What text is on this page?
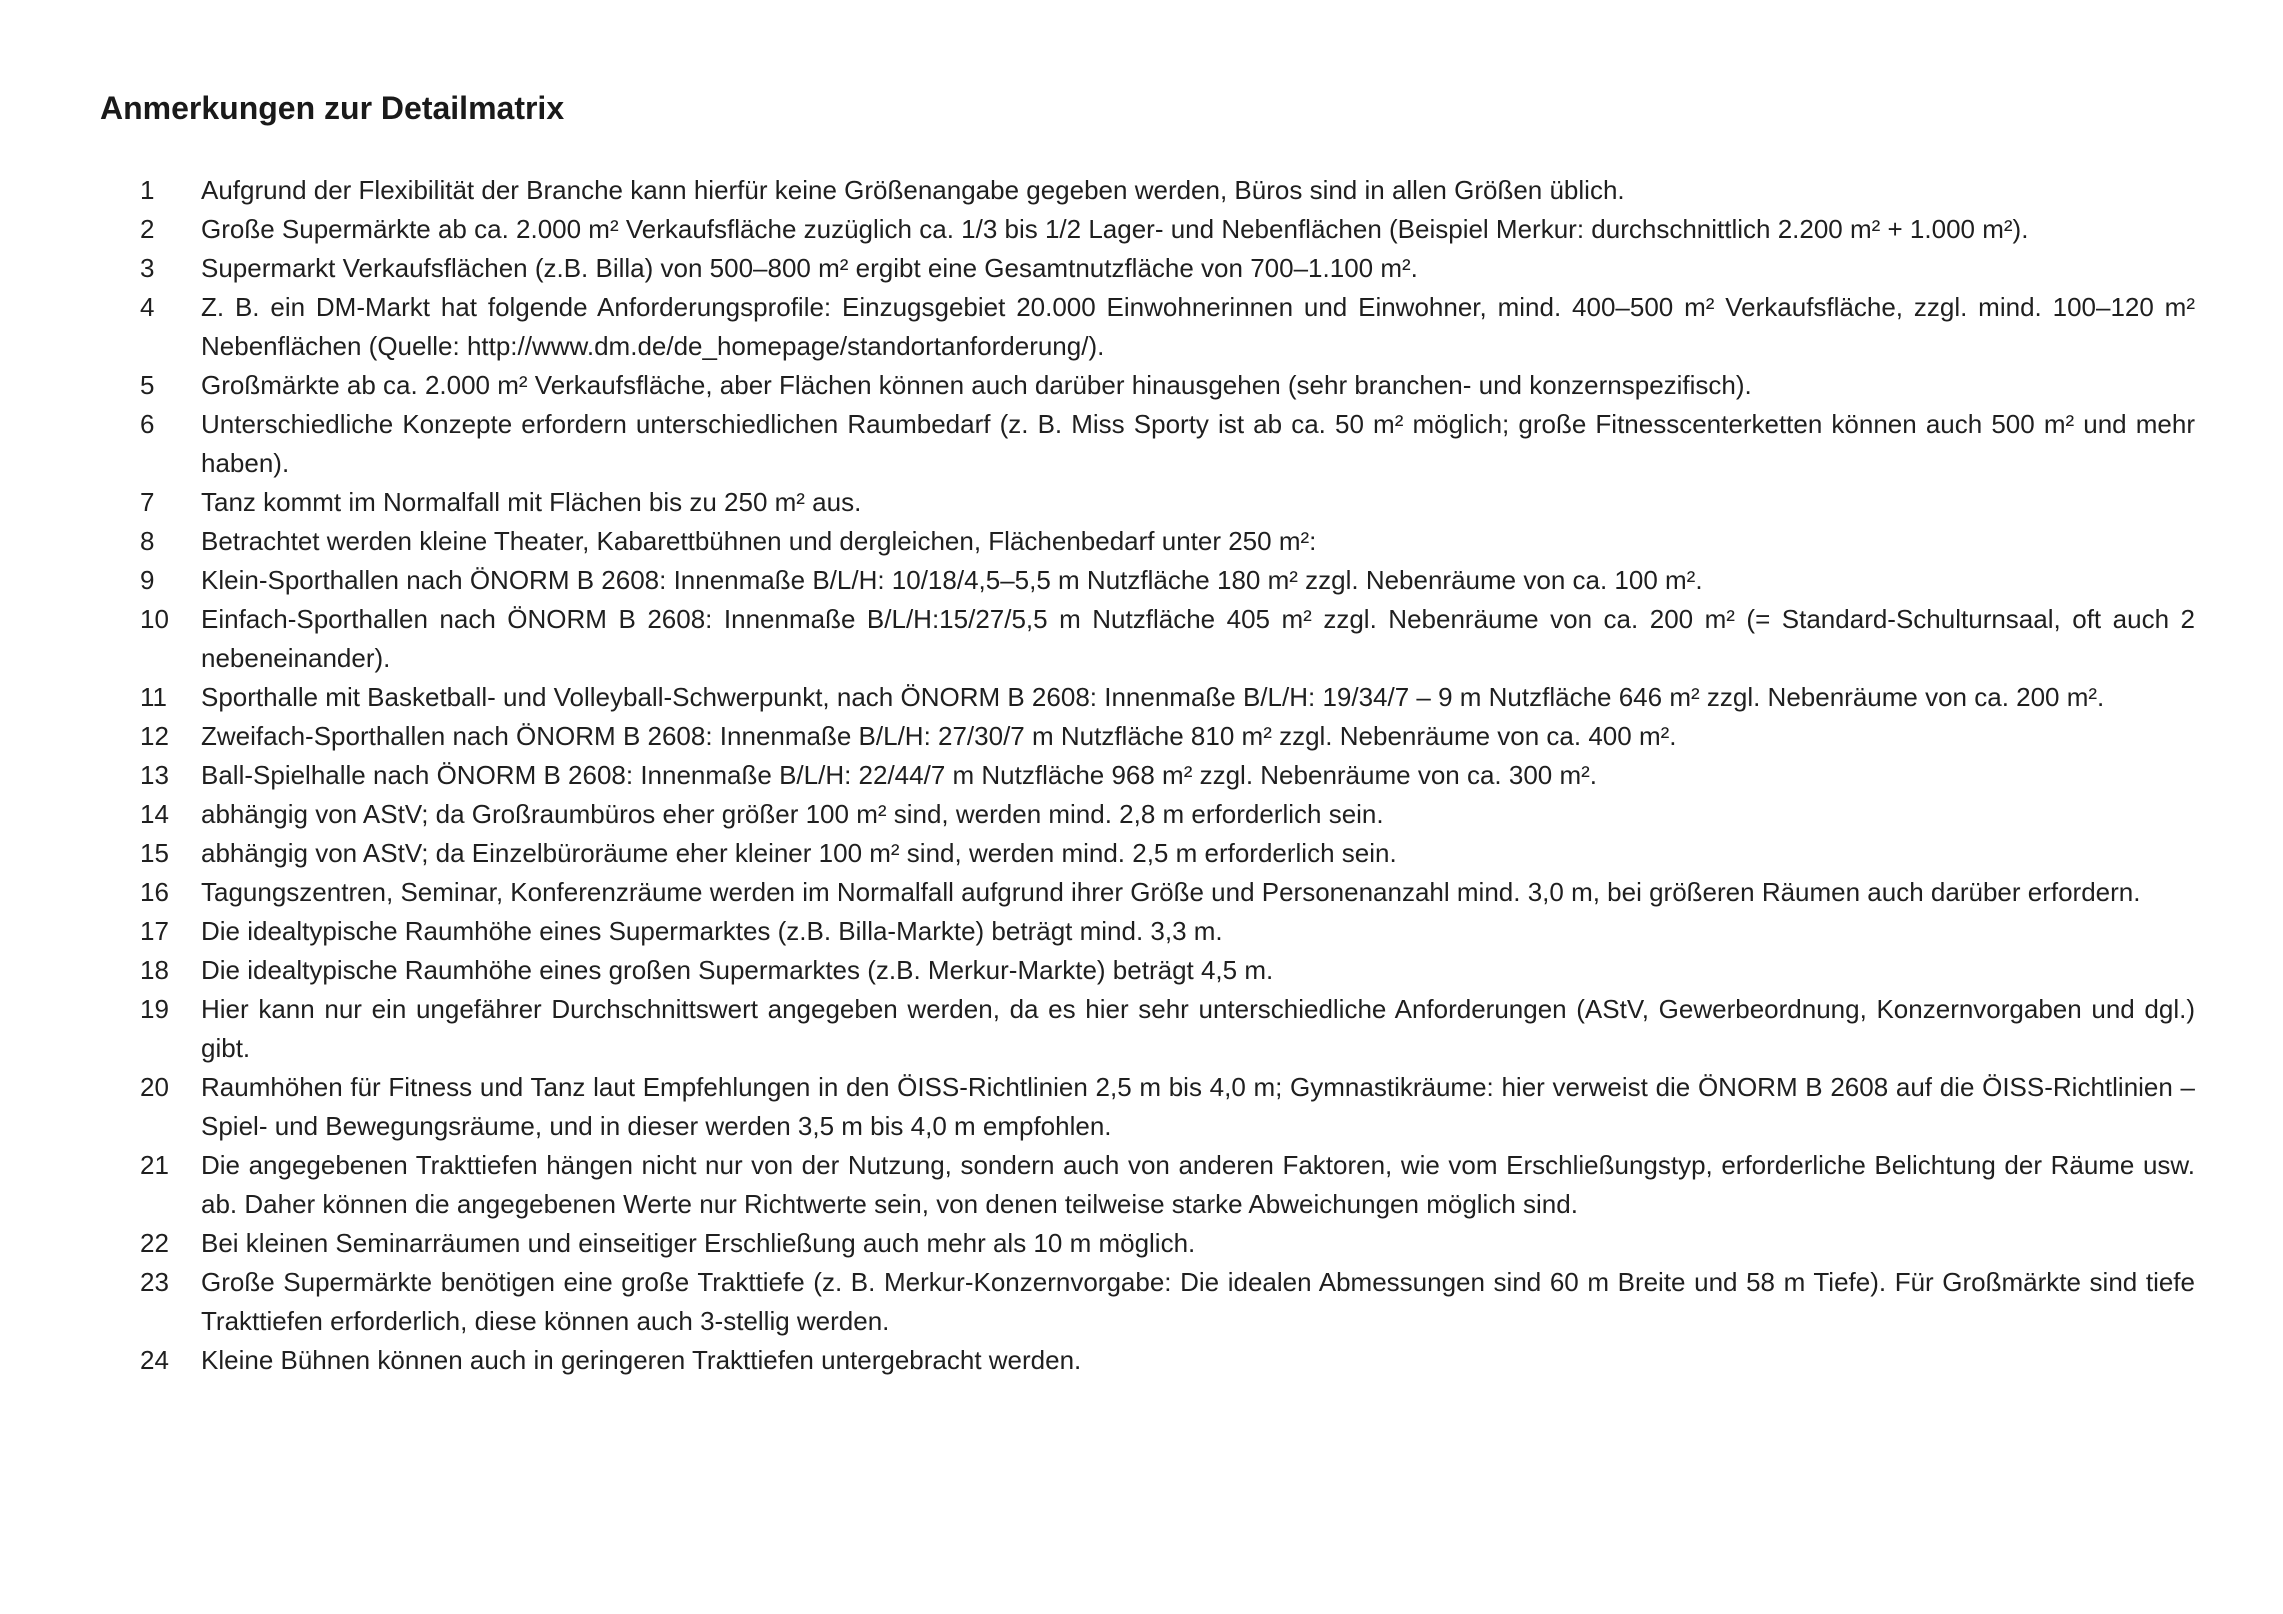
Anmerkungen zur Detailmatrix
1	Aufgrund der Flexibilität der Branche kann hierfür keine Größenangabe gegeben werden, Büros sind in allen Größen üblich.
2	Große Supermärkte ab ca. 2.000 m² Verkaufsfläche zuzüglich ca. 1/3 bis 1/2 Lager- und Nebenflächen (Beispiel Merkur: durchschnittlich 2.200 m² + 1.000 m²).
3	Supermarkt Verkaufsflächen (z.B. Billa) von 500–800 m² ergibt eine Gesamtnutzfläche von 700–1.100 m².
4	Z. B. ein DM-Markt hat folgende Anforderungsprofile: Einzugsgebiet 20.000 Einwohnerinnen und Einwohner, mind. 400–500 m² Verkaufsfläche, zzgl. mind. 100–120 m² Nebenflächen (Quelle: http://www.dm.de/de_homepage/standortanforderung/).
5	Großmärkte ab ca. 2.000 m² Verkaufsfläche, aber Flächen können auch darüber hinausgehen (sehr branchen- und konzernspezifisch).
6	Unterschiedliche Konzepte erfordern unterschiedlichen Raumbedarf (z. B. Miss Sporty ist ab ca. 50 m² möglich; große Fitnesscenterketten können auch 500 m² und mehr haben).
7	Tanz kommt im Normalfall mit Flächen bis zu 250 m² aus.
8	Betrachtet werden kleine Theater, Kabarettbühnen und dergleichen, Flächenbedarf unter 250 m²:
9	Klein-Sporthallen nach ÖNORM B 2608: Innenmaße B/L/H: 10/18/4,5–5,5 m Nutzfläche 180 m² zzgl. Nebenräume von ca. 100 m².
10	Einfach-Sporthallen nach ÖNORM B 2608: Innenmaße B/L/H:15/27/5,5 m Nutzfläche 405 m² zzgl. Nebenräume von ca. 200 m² (= Standard-Schulturnsaal, oft auch 2 nebeneinander).
11	Sporthalle mit Basketball- und Volleyball-Schwerpunkt, nach ÖNORM B 2608: Innenmaße B/L/H: 19/34/7 – 9 m Nutzfläche 646 m² zzgl. Nebenräume von ca. 200 m².
12	Zweifach-Sporthallen nach ÖNORM B 2608: Innenmaße B/L/H: 27/30/7 m Nutzfläche 810 m² zzgl. Nebenräume von ca. 400 m².
13	Ball-Spielhalle nach ÖNORM B 2608: Innenmaße B/L/H: 22/44/7 m Nutzfläche 968 m² zzgl. Nebenräume von ca. 300 m².
14	abhängig von AStV; da Großraumbüros eher größer 100 m² sind, werden mind. 2,8 m erforderlich sein.
15	abhängig von AStV; da Einzelbüroräume eher kleiner 100 m² sind, werden mind. 2,5 m erforderlich sein.
16	Tagungszentren, Seminar, Konferenzräume werden im Normalfall aufgrund ihrer Größe und Personenanzahl mind. 3,0 m, bei größeren Räumen auch darüber erfordern.
17	Die idealtypische Raumhöhe eines Supermarktes (z.B. Billa-Markte) beträgt mind. 3,3 m.
18	Die idealtypische Raumhöhe eines großen Supermarktes (z.B. Merkur-Markte) beträgt 4,5 m.
19	Hier kann nur ein ungefährer Durchschnittswert angegeben werden, da es hier sehr unterschiedliche Anforderungen (AStV, Gewerbeordnung, Konzernvorgaben und dgl.) gibt.
20	Raumhöhen für Fitness und Tanz laut Empfehlungen in den ÖISS-Richtlinien 2,5 m bis 4,0 m; Gymnastikräume: hier verweist die ÖNORM B 2608 auf die ÖISS-Richtlinien – Spiel- und Bewegungsräume, und in dieser werden 3,5 m bis 4,0 m empfohlen.
21	Die angegebenen Trakttiefen hängen nicht nur von der Nutzung, sondern auch von anderen Faktoren, wie vom Erschließungstyp, erforderliche Belichtung der Räume usw. ab. Daher können die angegebenen Werte nur Richtwerte sein, von denen teilweise starke Abweichungen möglich sind.
22	Bei kleinen Seminarräumen und einseitiger Erschließung auch mehr als 10 m möglich.
23	Große Supermärkte benötigen eine große Trakttiefe (z. B. Merkur-Konzernvorgabe: Die idealen Abmessungen sind 60 m Breite und 58 m Tiefe). Für Großmärkte sind tiefe Trakttiefen erforderlich, diese können auch 3-stellig werden.
24	Kleine Bühnen können auch in geringeren Trakttiefen untergebracht werden.
